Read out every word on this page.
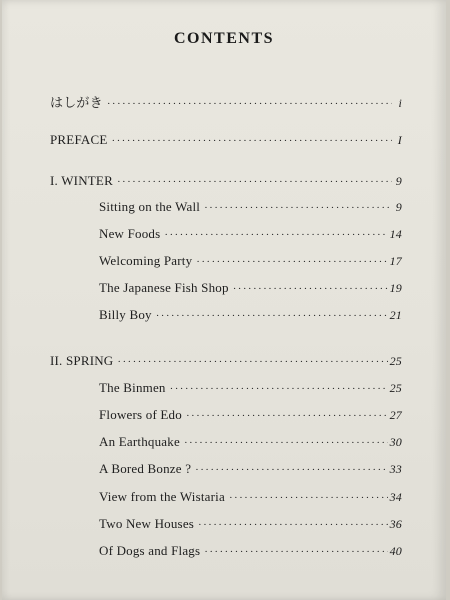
CONTENTS
はしがき ·····	i
PREFACE ·····	I
I. WINTER ·····	9
Sitting on the Wall ·····	9
New Foods ·····	14
Welcoming Party ·····	17
The Japanese Fish Shop ·····	19
Billy Boy ·····	21
II. SPRING ·····	25
The Binmen ·····	25
Flowers of Edo ·····	27
An Earthquake ·····	30
A Bored Bonze ? ·····	33
View from the Wistaria ·····	34
Two New Houses ·····	36
Of Dogs and Flags ·····	40
